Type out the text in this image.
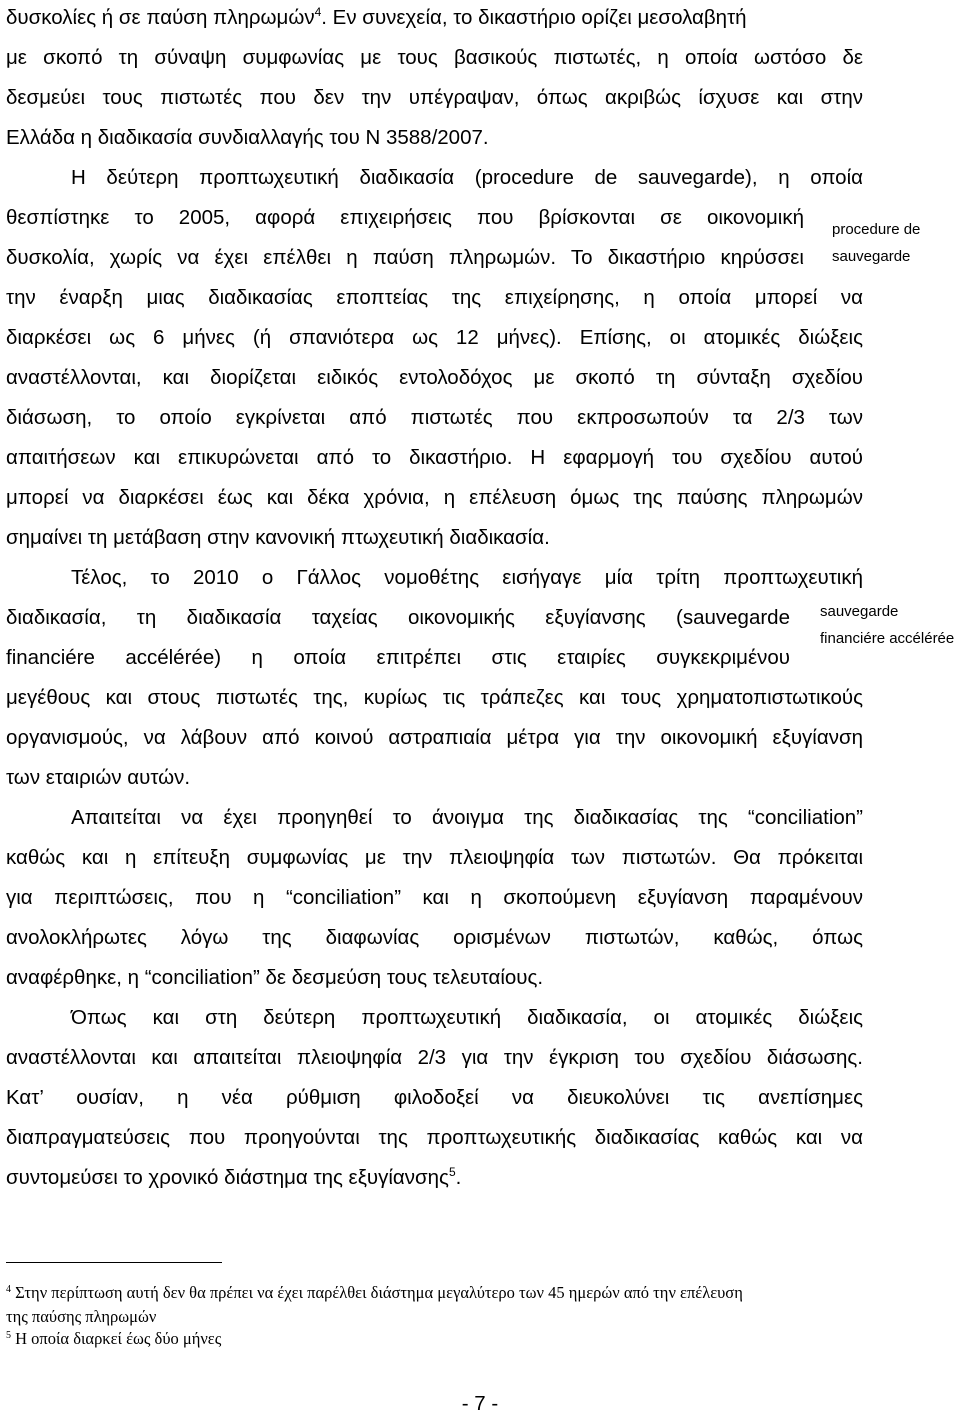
δυσκολίες ή σε παύση πληρωμών$^4$. Εν συνεχεία, το δικαστήριο ορίζει μεσολαβητή

με σκοπό τη σύναψη συμφωνίας με τους βασικούς πιστωτές, η οποία ωστόσο δε

δεσμεύει τους πιστωτές που δεν την υπέγραψαν, όπως ακριβώς ίσχυσε και στην

Ελλάδα η διαδικασία συνδιαλλαγής του Ν 3588/2007.

Η δεύτερη προπτωχευτική διαδικασία (procedure de sauvegarde), η οποία

θεσπίστηκε το 2005, αφορά επιχειρήσεις που βρίσκονται σε οικονομική

δυσκολία, χωρίς να έχει επέλθει η παύση πληρωμών. Το δικαστήριο κηρύσσει

την έναρξη μιας διαδικασίας εποπτείας της επιχείρησης, η οποία μπορεί να

διαρκέσει ως 6 μήνες (ή σπανιότερα ως 12 μήνες). Επίσης, οι ατομικές διώξεις

αναστέλλονται, και διορίζεται ειδικός εντολοδόχος με σκοπό τη σύνταξη σχεδίου

διάσωση, το οποίο εγκρίνεται από πιστωτές που εκπροσωπούν τα 2/3 των

απαιτήσεων και επικυρώνεται από το δικαστήριο. Η εφαρμογή του σχεδίου αυτού

μπορεί να διαρκέσει έως και δέκα χρόνια, η επέλευση όμως της παύσης πληρωμών

σημαίνει τη μετάβαση στην κανονική πτωχευτική διαδικασία.

Τέλος, το 2010 ο Γάλλος νομοθέτης εισήγαγε μία τρίτη προπτωχευτική

διαδικασία, τη διαδικασία ταχείας οικονομικής εξυγίανσης (sauvegarde

financiére accélérée) η οποία επιτρέπει στις εταιρίες συγκεκριμένου

μεγέθους και στους πιστωτές της, κυρίως τις τράπεζες και τους χρηματοπιστωτικούς

οργανισμούς, να λάβουν από κοινού αστραπιαία μέτρα για την οικονομική εξυγίανση

των εταιριών αυτών.

Απαιτείται να έχει προηγηθεί το άνοιγμα της διαδικασίας της “conciliation”

καθώς και η επίτευξη συμφωνίας με την πλειοψηφία των πιστωτών. Θα πρόκειται

για περιπτώσεις, που η “conciliation” και η σκοπούμενη εξυγίανση παραμένουν

ανολοκλήρωτες λόγω της διαφωνίας ορισμένων πιστωτών, καθώς, όπως

αναφέρθηκε, η “conciliation” δε δεσμεύση τους τελευταίους.

Όπως και στη δεύτερη προπτωχευτική διαδικασία, οι ατομικές διώξεις

αναστέλλονται και απαιτείται πλειοψηφία 2/3 για την έγκριση του σχεδίου διάσωσης.

Κατ’ ουσίαν, η νέα ρύθμιση φιλοδοξεί να διευκολύνει τις ανεπίσημες

διαπραγματεύσεις που προηγούνται της προπτωχευτικής διαδικασίας καθώς και να

συντομεύσει το χρονικό διάστημα της εξυγίανσης$^5$.

procedure de

sauvegarde

sauvegarde

financiére accélérée

$^4$ Στην περίπτωση αυτή δεν θα πρέπει να έχει παρέλθει διάστημα μεγαλύτερο των 45 ημερών από την επέλευση

της παύσης πληρωμών

$^5$ Η οποία διαρκεί έως δύο μήνες

- 7 -
